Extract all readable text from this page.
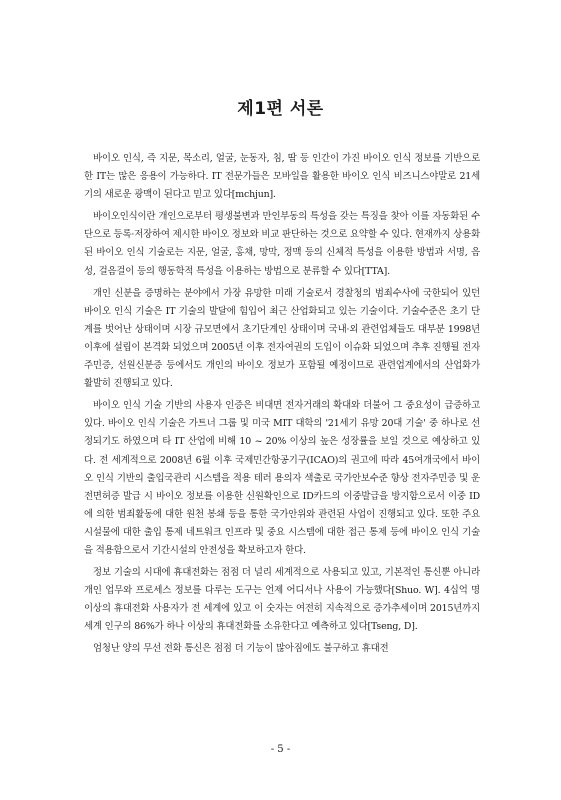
제1편 서론

바이오 인식, 즉 지문, 목소리, 얼굴, 눈동자, 침, 땀 등 인간이 가진 바이오 인식 정보를 기반으로 한 IT는 많은 응용이 가능하다. IT 전문가들은 모바일을 활용한 바이오 인식 비즈니스야말로 21세기의 새로운 광맥이 된다고 믿고 있다[mchjun].

바이오인식이란 개인으로부터 평생불변과 만인부동의 특성을 갖는 특징을 찾아 이를 자동화된 수단으로 등록·저장하여 제시한 바이오 정보와 비교 판단하는 것으로 요약할 수 있다. 현재까지 상용화된 바이오 인식 기술로는 지문, 얼굴, 홍채, 망막, 정맥 등의 신체적 특성을 이용한 방법과 서명, 음성, 걸음걸이 등의 행동학적 특성을 이용하는 방법으로 분류할 수 있다[TTA].

개인 신분을 증명하는 분야에서 가장 유망한 미래 기술로서 경찰청의 범죄수사에 국한되어 있던 바이오 인식 기술은 IT 기술의 발달에 힘입어 최근 산업화되고 있는 기술이다. 기술수준은 초기 단계를 벗어난 상태이며 시장 규모면에서 초기단계인 상태이며 국내·외 관련업체들도 대부분 1998년 이후에 설립이 본격화 되었으며 2005년 이후 전자여권의 도입이 이슈화 되었으며 추후 진행될 전자주민증, 선원신분증 등에서도 개인의 바이오 정보가 포함될 예정이므로 관련업계에서의 산업화가 활발히 진행되고 있다.

바이오 인식 기술 기반의 사용자 인증은 비대면 전자거래의 확대와 더불어 그 중요성이 급증하고 있다. 바이오 인식 기술은 가트너 그룹 및 미국 MIT 대학의 '21세기 유망 20대 기술' 중 하나로 선정되기도 하였으며 타 IT 산업에 비해 10 ~ 20% 이상의 높은 성장률을 보일 것으로 예상하고 있다. 전 세계적으로 2008년 6월 이후 국제민간항공기구(ICAO)의 권고에 따라 45여개국에서 바이오 인식 기반의 출입국관리 시스템을 적용 테러 용의자 색출로 국가안보수준 향상 전자주민증 및 운전면허증 발급 시 바이오 정보를 이용한 신원확인으로 ID카드의 이중발급을 방지함으로서 이중 ID에 의한 범죄활동에 대한 원천 봉쇄 등을 통한 국가안위와 관련된 사업이 진행되고 있다. 또한 주요 시설물에 대한 출입 통제 네트워크 인프라 및 중요 시스템에 대한 접근 통제 등에 바이오 인식 기술을 적용함으로서 기간시설의 안전성을 확보하고자 한다.

정보 기술의 시대에 휴대전화는 점점 더 널리 세계적으로 사용되고 있고, 기본적인 통신뿐 아니라 개인 업무와 프로세스 정보를 다루는 도구는 언제 어디서나 사용이 가능했다[Shuo. W]. 4십억 명 이상의 휴대전화 사용자가 전 세계에 있고 이 숫자는 여전히 지속적으로 증가추세이며 2015년까지 세계 인구의 86%가 하나 이상의 휴대전화를 소유한다고 예측하고 있다[Tseng, D].

엄청난 양의 무선 전화 통신은 점점 더 기능이 많아짐에도 불구하고 휴대전

- 5 -
